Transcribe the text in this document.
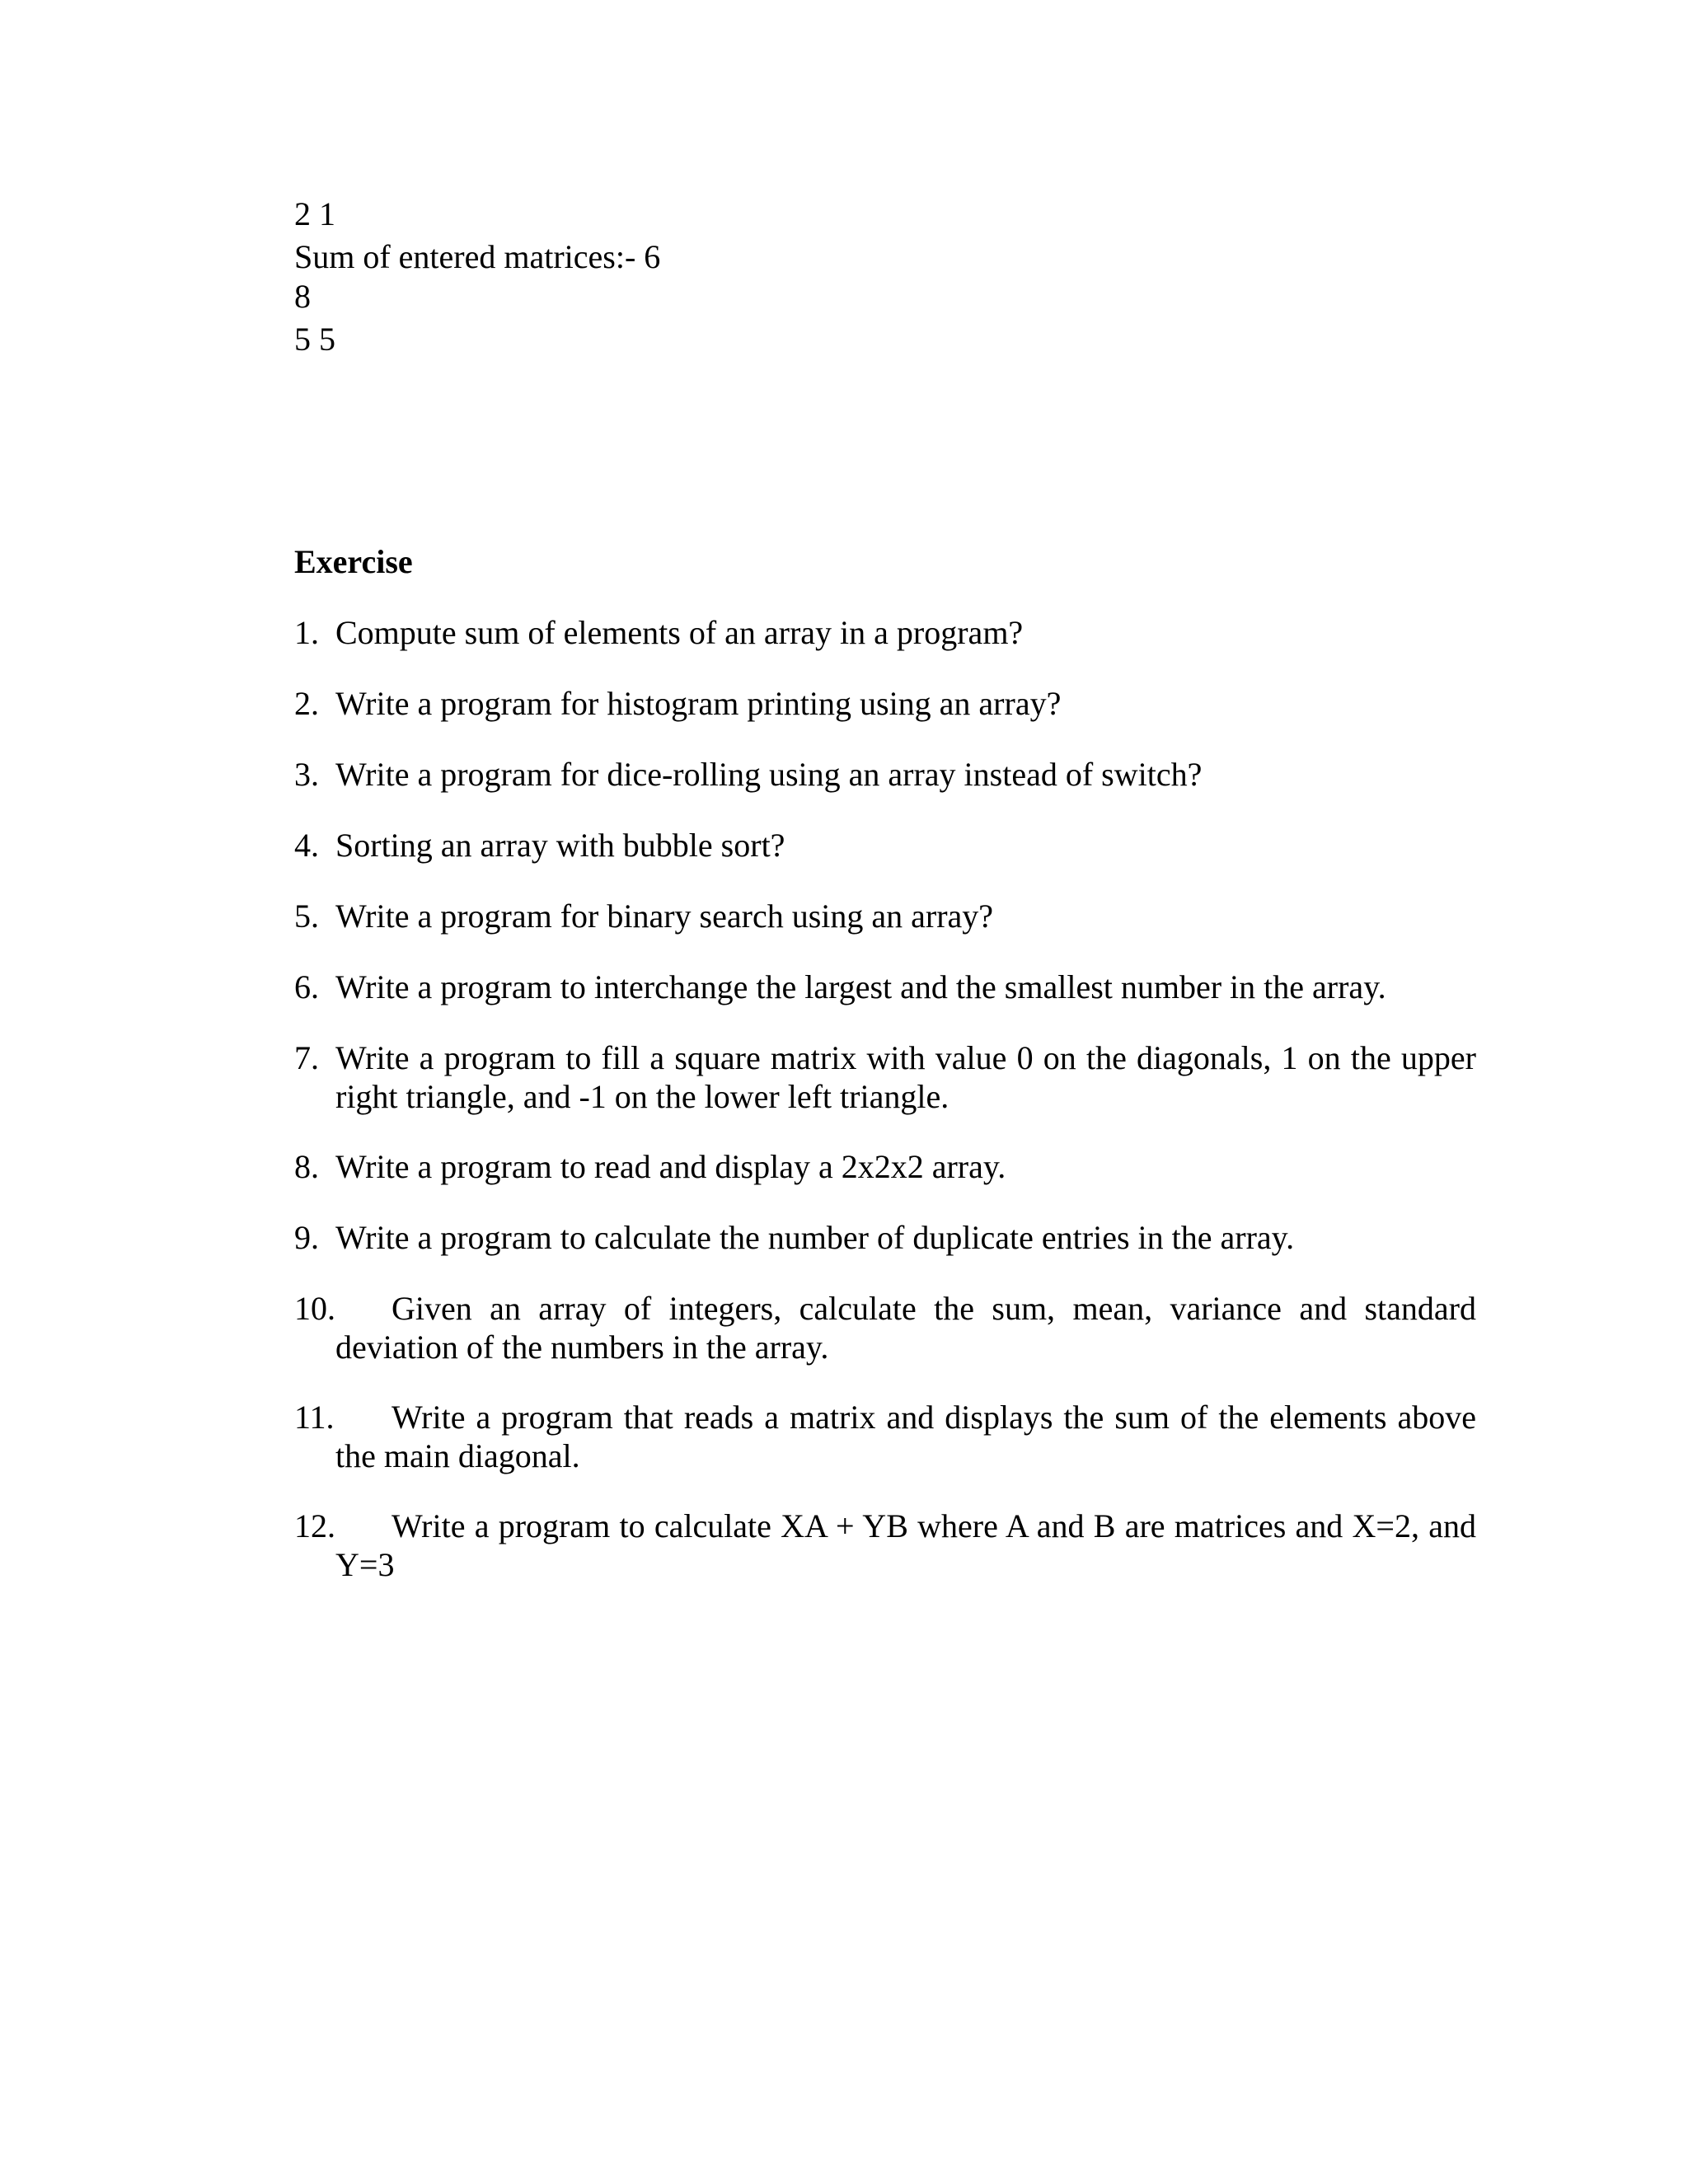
2 1

Sum of entered matrices:- 6

8

5 5

Exercise
1. Compute sum of elements of an array in a program?
2. Write a program for histogram printing using an array?
3. Write a program for dice-rolling using an array instead of switch?
4. Sorting an array with bubble sort?
5. Write a program for binary search using an array?
6. Write a program to interchange the largest and the smallest number in the array.
7. Write a program to fill a square matrix with value 0 on the diagonals, 1 on the upper
right triangle, and -1 on the lower left triangle.
8. Write a program to read and display a 2x2x2 array.
9. Write a program to calculate the number of duplicate entries in the array.
10. Given an array of integers, calculate the sum, mean, variance and standard
deviation of the numbers in the array.
11. Write a program that reads a matrix and displays the sum of the elements above
the main diagonal.
12. Write a program to calculate XA + YB where A and B are matrices and X=2, and
Y=3
